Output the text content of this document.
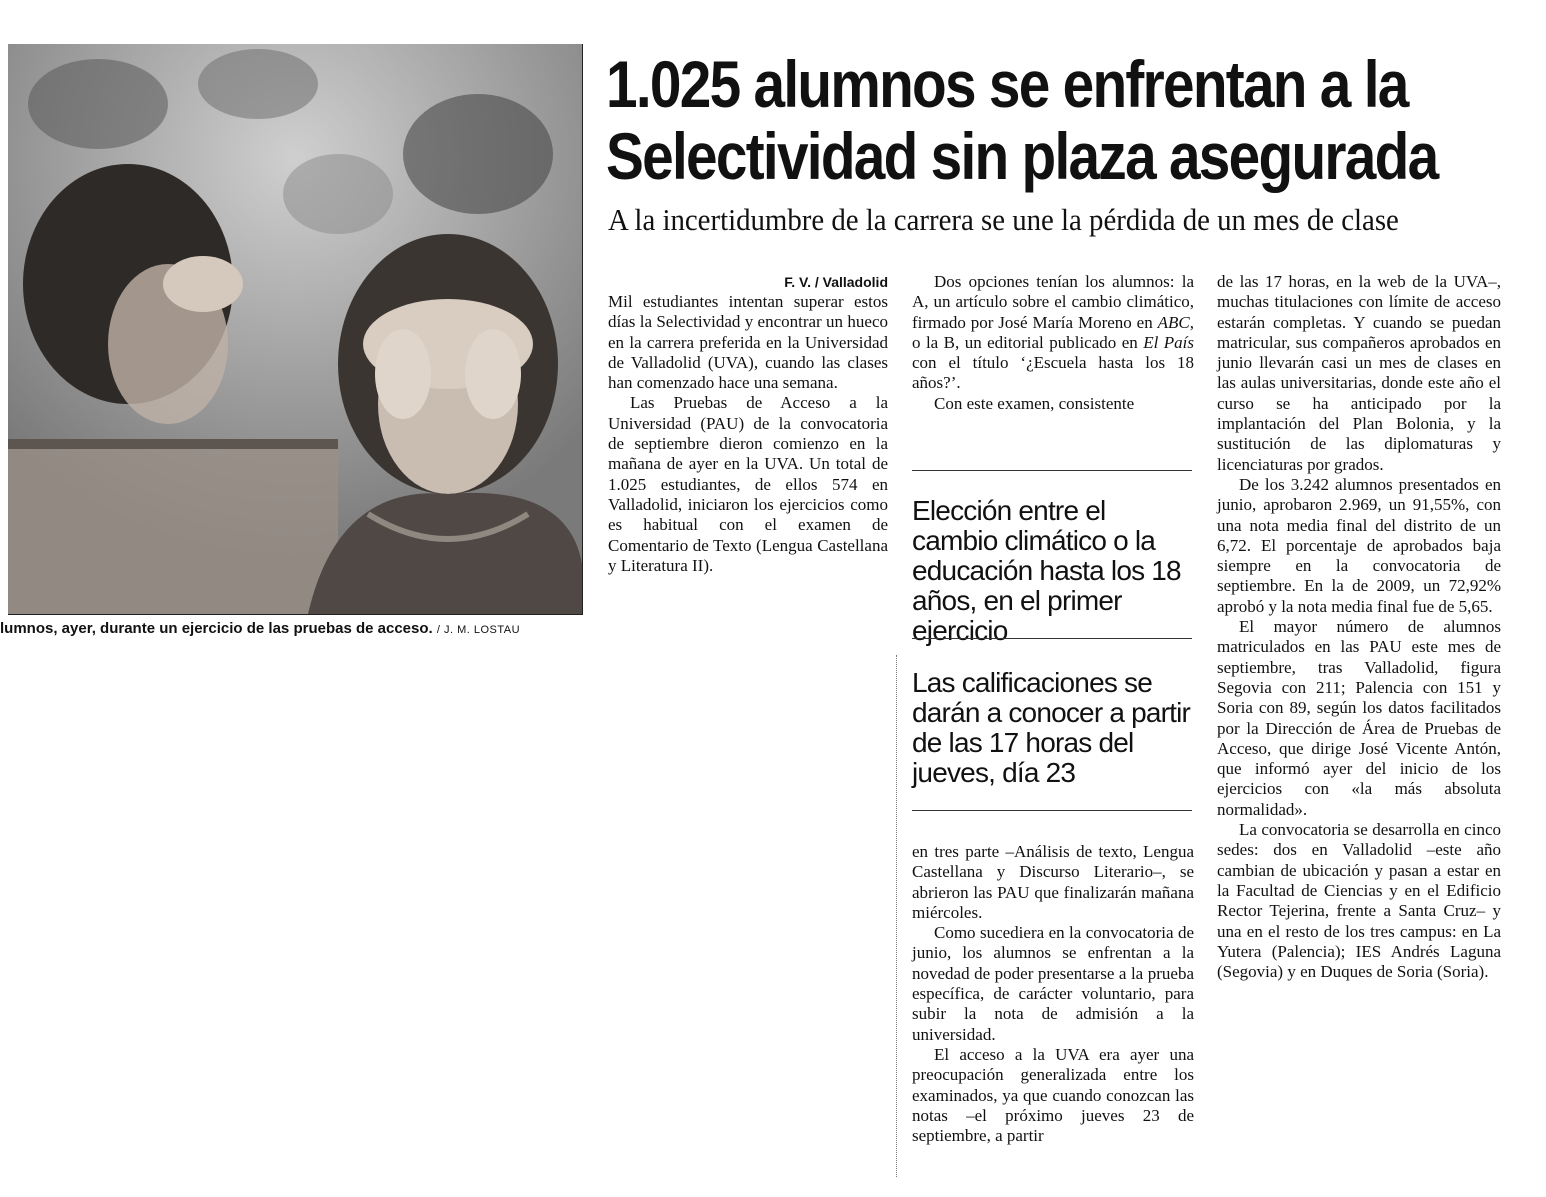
lumnos, ayer, durante un ejercicio de las pruebas de acceso. / J. M. LOSTAU
1.025 alumnos se enfrentan a la
Selectividad sin plaza asegurada
A la incertidumbre de la carrera se une la pérdida de un mes de clase
F. V. / Valladolid

Mil estudiantes intentan superar estos días la Selectividad y encontrar un hueco en la carrera preferida en la Universidad de Valladolid (UVA), cuando las clases han comenzado hace una semana.

Las Pruebas de Acceso a la Universidad (PAU) de la convocatoria de septiembre dieron comienzo en la mañana de ayer en la UVA. Un total de 1.025 estudiantes, de ellos 574 en Valladolid, iniciaron los ejercicios como es habitual con el examen de Comentario de Texto (Lengua Castellana y Literatura II).

Dos opciones tenían los alumnos: la A, un artículo sobre el cambio climático, firmado por José María Moreno en ABC, o la B, un editorial publicado en El País con el título ‘¿Escuela hasta los 18 años?’.

Con este examen, consistente

Elección entre el cambio climático o la educación hasta los 18 años, en el primer ejercicio
Las calificaciones se darán a conocer a partir de las 17 horas del jueves, día 23

en tres parte –Análisis de texto, Lengua Castellana y Discurso Literario–, se abrieron las PAU que finalizarán mañana miércoles.

Como sucediera en la convocatoria de junio, los alumnos se enfrentan a la novedad de poder presentarse a la prueba específica, de carácter voluntario, para subir la nota de admisión a la universidad.

El acceso a la UVA era ayer una preocupación generalizada entre los examinados, ya que cuando conozcan las notas –el próximo jueves 23 de septiembre, a partir

de las 17 horas, en la web de la UVA–, muchas titulaciones con límite de acceso estarán completas. Y cuando se puedan matricular, sus compañeros aprobados en junio llevarán casi un mes de clases en las aulas universitarias, donde este año el curso se ha anticipado por la implantación del Plan Bolonia, y la sustitución de las diplomaturas y licenciaturas por grados.

De los 3.242 alumnos presentados en junio, aprobaron 2.969, un 91,55%, con una nota media final del distrito de un 6,72. El porcentaje de aprobados baja siempre en la convocatoria de septiembre. En la de 2009, un 72,92% aprobó y la nota media final fue de 5,65.

El mayor número de alumnos matriculados en las PAU este mes de septiembre, tras Valladolid, figura Segovia con 211; Palencia con 151 y Soria con 89, según los datos facilitados por la Dirección de Área de Pruebas de Acceso, que dirige José Vicente Antón, que informó ayer del inicio de los ejercicios con «la más absoluta normalidad».

La convocatoria se desarrolla en cinco sedes: dos en Valladolid –este año cambian de ubicación y pasan a estar en la Facultad de Ciencias y en el Edificio Rector Tejerina, frente a Santa Cruz– y una en el resto de los tres campus: en La Yutera (Palencia); IES Andrés Laguna (Segovia) y en Duques de Soria (Soria).
